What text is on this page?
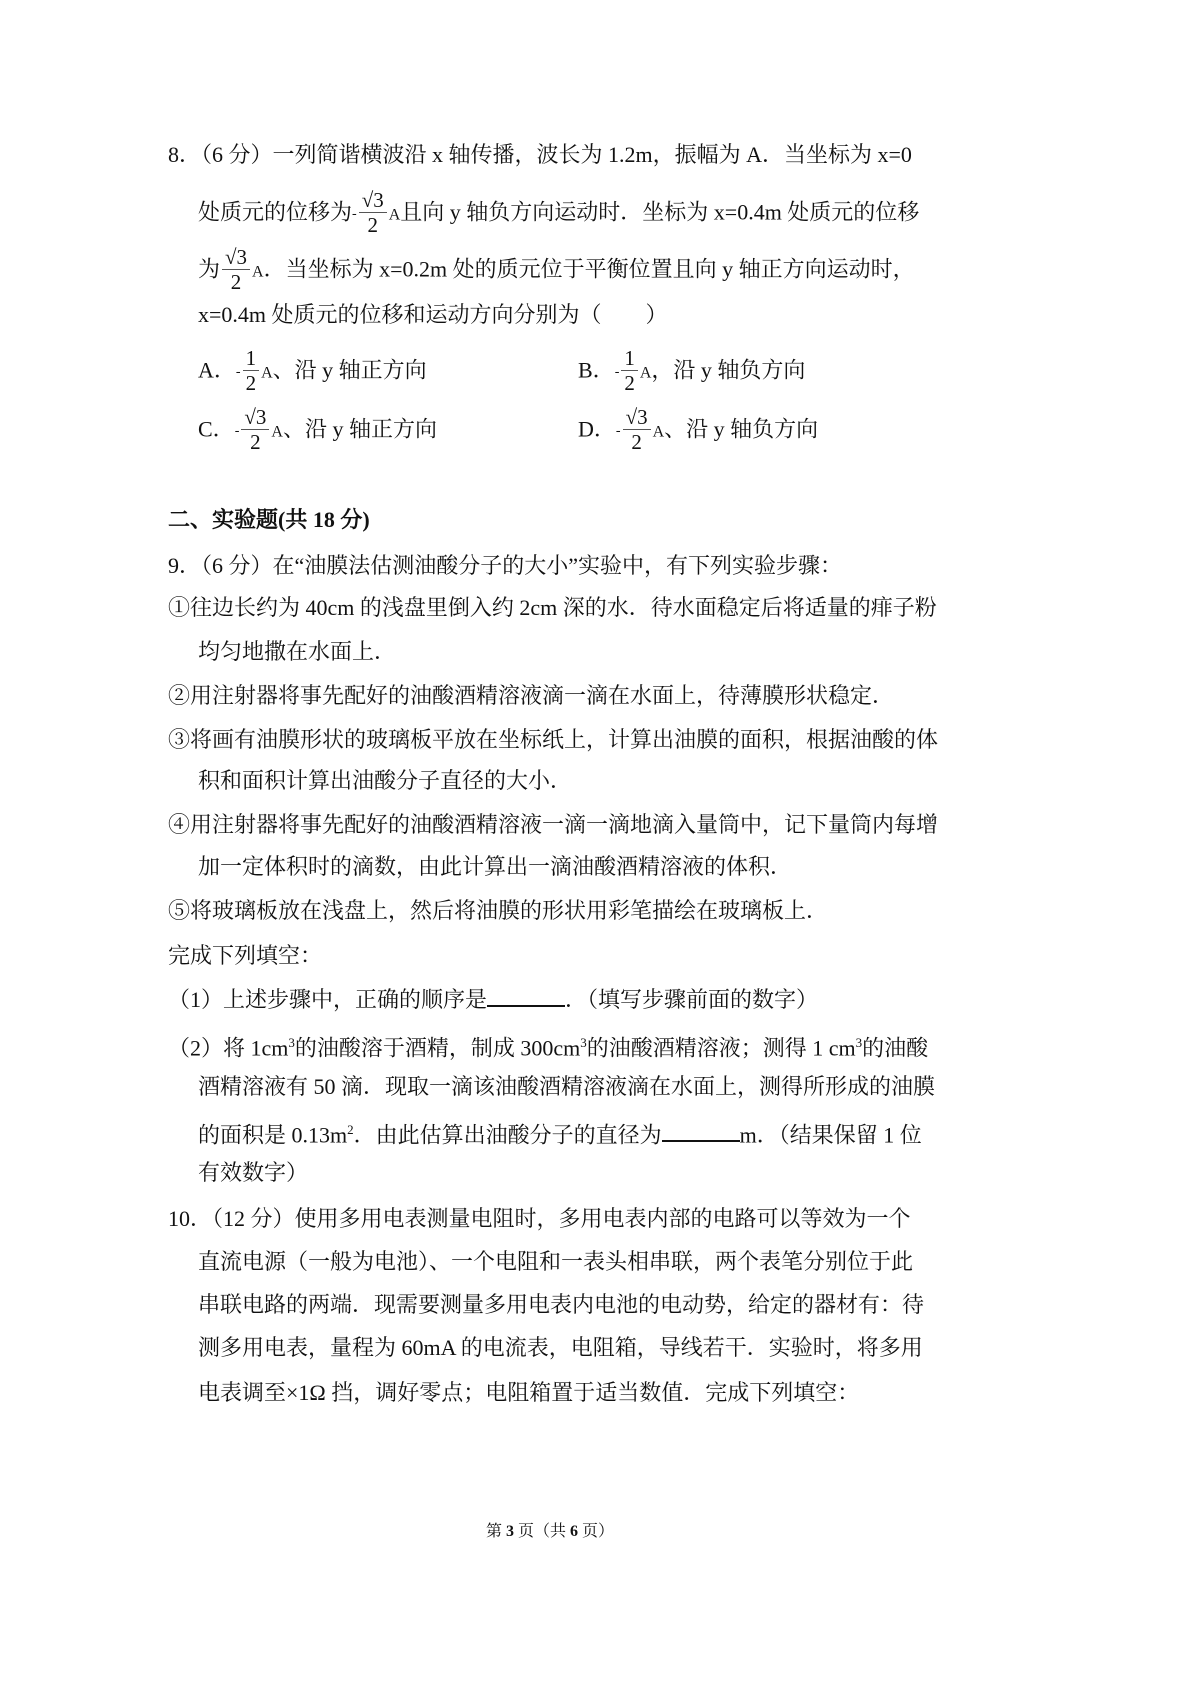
8．（6 分）一列简谐横波沿 x 轴传播，波长为 1.2m，振幅为 A．当坐标为 x=0
处质元的位移为- $\frac{√3}{2}$ A且向 y 轴负方向运动时．坐标为 x=0.4m 处质元的位移
为 $\frac{√3}{2}$ A．当坐标为 x=0.2m 处的质元位于平衡位置且向 y 轴正方向运动时，
x=0.4m 处质元的位移和运动方向分别为（　　）
A．- $\frac{1}{2}$ A、沿 y 轴正方向	B．- $\frac{1}{2}$ A，沿 y 轴负方向
C．- $\frac{√3}{2}$ A、沿 y 轴正方向	D．- $\frac{√3}{2}$ A、沿 y 轴负方向
二、实验题(共 18 分)
9．（6 分）在“油膜法估测油酸分子的大小”实验中，有下列实验步骤：
①往边长约为 40cm 的浅盘里倒入约 2cm 深的水．待水面稳定后将适量的痱子粉
均匀地撒在水面上．
②用注射器将事先配好的油酸酒精溶液滴一滴在水面上，待薄膜形状稳定．
③将画有油膜形状的玻璃板平放在坐标纸上，计算出油膜的面积，根据油酸的体
积和面积计算出油酸分子直径的大小．
④用注射器将事先配好的油酸酒精溶液一滴一滴地滴入量筒中，记下量筒内每增
加一定体积时的滴数，由此计算出一滴油酸酒精溶液的体积．
⑤将玻璃板放在浅盘上，然后将油膜的形状用彩笔描绘在玻璃板上．
完成下列填空：
（1）上述步骤中，正确的顺序是	．（填写步骤前面的数字）
（2）将 $1cm^3$的油酸溶于酒精，制成 $300cm^3$的油酸酒精溶液；测得 1 $cm^3$的油酸
酒精溶液有 50 滴．现取一滴该油酸酒精溶液滴在水面上，测得所形成的油膜
的面积是 $0.13m^2$．由此估算出油酸分子的直径为	m．（结果保留 1 位
有效数字）
10．（12 分）使用多用电表测量电阻时，多用电表内部的电路可以等效为一个
直流电源（一般为电池）、一个电阻和一表头相串联，两个表笔分别位于此
串联电路的两端．现需要测量多用电表内电池的电动势，给定的器材有：待
测多用电表，量程为 60mA 的电流表，电阻箱，导线若干．实验时，将多用
电表调至×1Ω 挡，调好零点；电阻箱置于适当数值．完成下列填空：
第 3 页（共 6 页）
